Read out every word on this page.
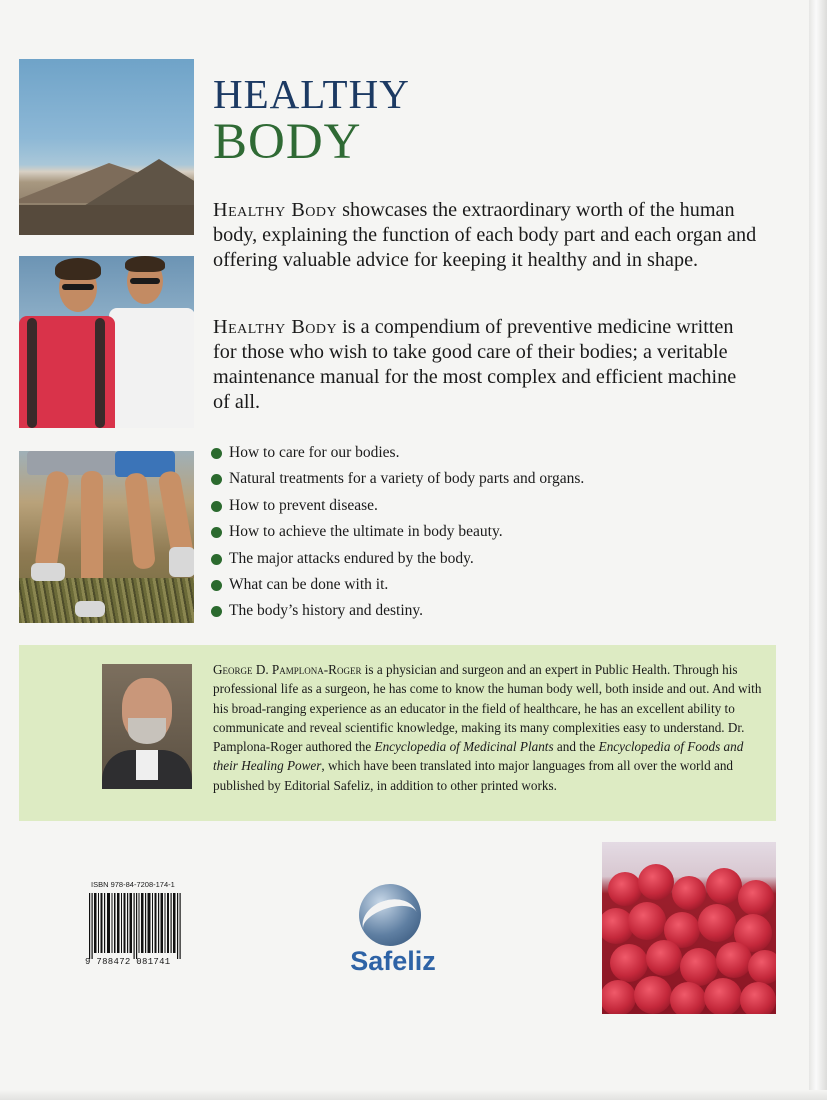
HEALTHY
BODY

Healthy Body showcases the extraordinary worth of the human body, explaining the function of each body part and each organ and offering valuable advice for keeping it healthy and in shape.

Healthy Body is a compendium of preventive medicine written for those who wish to take good care of their bodies; a veritable maintenance manual for the most complex and efficient machine of all.

How to care for our bodies.
Natural treatments for a variety of body parts and organs.
How to prevent disease.
How to achieve the ultimate in body beauty.
The major attacks endured by the body.
What can be done with it.
The body’s history and destiny.

George D. Pamplona-Roger is a physician and surgeon and an expert in Public Health. Through his professional life as a surgeon, he has come to know the human body well, both inside and out. And with his broad-ranging experience as an educator in the field of healthcare, he has an excellent ability to communicate and reveal scientific knowledge, making its many complexities easy to understand. Dr. Pamplona-Roger authored the Encyclopedia of Medicinal Plants and the Encyclopedia of Foods and their Healing Power, which have been translated into major languages from all over the world and published by Editorial Safeliz, in addition to other printed works.

ISBN 978-84-7208-174-1
9 788472 081741	Safeliz
